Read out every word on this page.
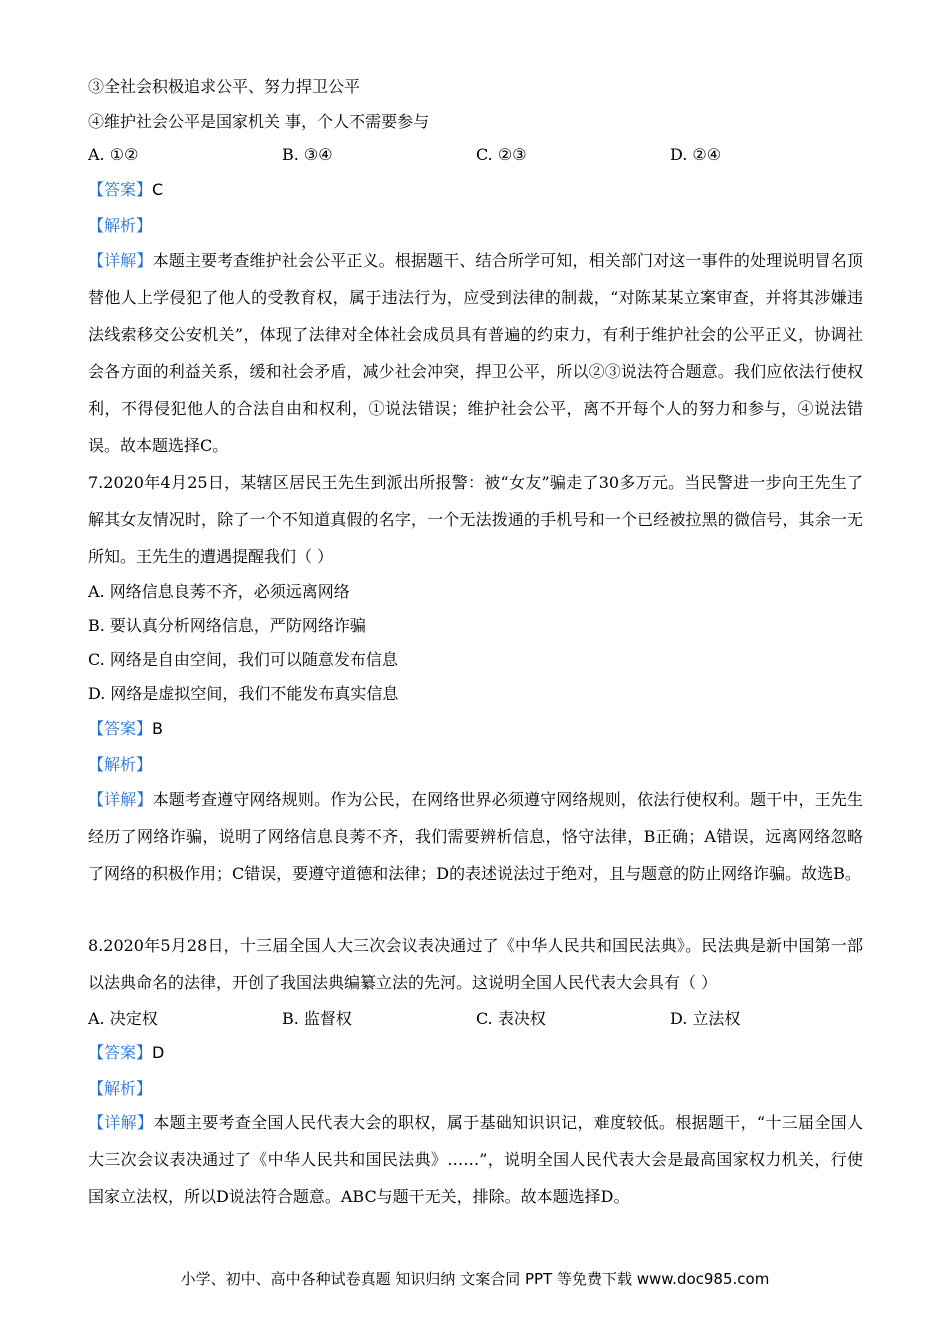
③全社会积极追求公平、努力捍卫公平
④维护社会公平是国家机关 事，个人不需要参与
A. ①②	B. ③④	C. ②③	D. ②④
【答案】C
【解析】
【详解】本题主要考查维护社会公平正义。根据题干、结合所学可知，相关部门对这一事件的处理说明冒名顶替他人上学侵犯了他人的受教育权，属于违法行为，应受到法律的制裁，“对陈某某立案审查，并将其涉嫌违法线索移交公安机关”，体现了法律对全体社会成员具有普遍的约束力，有利于维护社会的公平正义，协调社会各方面的利益关系，缓和社会矛盾，减少社会冲突，捍卫公平，所以②③说法符合题意。我们应依法行使权利，不得侵犯他人的合法自由和权利，①说法错误；维护社会公平，离不开每个人的努力和参与，④说法错误。故本题选择C。
7.2020年4月25日，某辖区居民王先生到派出所报警：被“女友”骗走了30多万元。当民警进一步向王先生了解其女友情况时，除了一个不知道真假的名字，一个无法拨通的手机号和一个已经被拉黑的微信号，其余一无所知。王先生的遭遇提醒我们（ ）
A. 网络信息良莠不齐，必须远离网络
B. 要认真分析网络信息，严防网络诈骗
C. 网络是自由空间，我们可以随意发布信息
D. 网络是虚拟空间，我们不能发布真实信息
【答案】B
【解析】
【详解】本题考查遵守网络规则。作为公民，在网络世界必须遵守网络规则，依法行使权利。题干中，王先生经历了网络诈骗，说明了网络信息良莠不齐，我们需要辨析信息，恪守法律，B正确；A错误，远离网络忽略了网络的积极作用；C错误，要遵守道德和法律；D的表述说法过于绝对，且与题意的防止网络诈骗。故选B。
8.2020年5月28日，十三届全国人大三次会议表决通过了《中华人民共和国民法典》。民法典是新中国第一部以法典命名的法律，开创了我国法典编纂立法的先河。这说明全国人民代表大会具有（ ）
A. 决定权	B. 监督权	C. 表决权	D. 立法权
【答案】D
【解析】
【详解】本题主要考查全国人民代表大会的职权，属于基础知识识记，难度较低。根据题干，“十三届全国人大三次会议表决通过了《中华人民共和国民法典》……”，说明全国人民代表大会是最高国家权力机关，行使国家立法权，所以D说法符合题意。ABC与题干无关，排除。故本题选择D。
小学、初中、高中各种试卷真题 知识归纳 文案合同 PPT 等免费下载 www.doc985.com
